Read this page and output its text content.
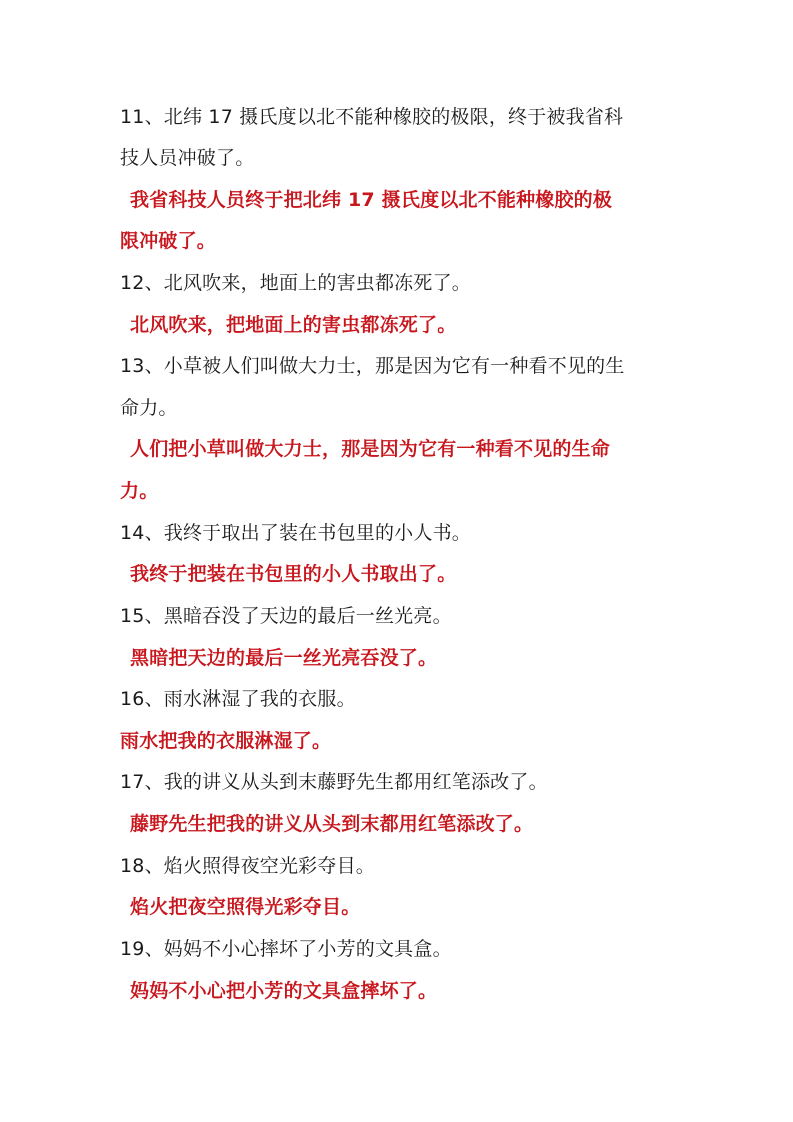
11、北纬 17 摄氏度以北不能种橡胶的极限，终于被我省科
技人员冲破了。
我省科技人员终于把北纬 17 摄氏度以北不能种橡胶的极
限冲破了。
12、北风吹来，地面上的害虫都冻死了。
北风吹来，把地面上的害虫都冻死了。
13、小草被人们叫做大力士，那是因为它有一种看不见的生
命力。
人们把小草叫做大力士，那是因为它有一种看不见的生命
力。
14、我终于取出了装在书包里的小人书。
我终于把装在书包里的小人书取出了。
15、黑暗吞没了天边的最后一丝光亮。
黑暗把天边的最后一丝光亮吞没了。
16、雨水淋湿了我的衣服。
雨水把我的衣服淋湿了。
17、我的讲义从头到末藤野先生都用红笔添改了。
藤野先生把我的讲义从头到末都用红笔添改了。
18、焰火照得夜空光彩夺目。
焰火把夜空照得光彩夺目。
19、妈妈不小心摔坏了小芳的文具盒。
妈妈不小心把小芳的文具盒摔坏了。
